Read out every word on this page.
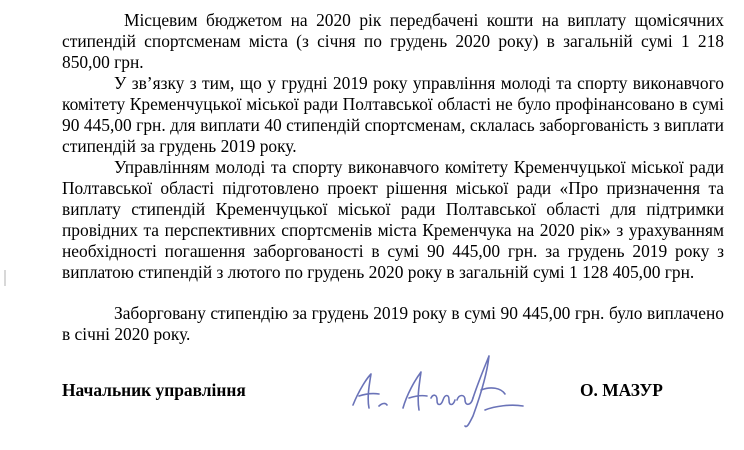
Місцевим бюджетом на 2020 рік передбачені кошти на виплату щомісячних стипендій спортсменам міста (з січня по грудень 2020 року) в загальній сумі 1 218 850,00 грн.

У зв’язку з тим, що у грудні 2019 року управління молоді та спорту виконавчого комітету Кременчуцької міської ради Полтавської області не було профінансовано в сумі 90 445,00 грн. для виплати 40 стипендій спортсменам, склалась заборгованість з виплати стипендій за грудень 2019 року.

Управлінням молоді та спорту виконавчого комітету Кременчуцької міської ради Полтавської області підготовлено проект рішення міської ради «Про призначення та виплату стипендій Кременчуцької міської ради Полтавської області для підтримки провідних та перспективних спортсменів міста Кременчука на 2020 рік» з урахуванням необхідності погашення заборгованості в сумі 90 445,00 грн. за грудень 2019 року з виплатою стипендій з лютого по грудень 2020 року в загальній сумі 1 128 405,00 грн.

Заборговану стипендію за грудень 2019 року в сумі 90 445,00 грн. було виплачено в січні 2020 року.

Начальник управління	О. МАЗУР
